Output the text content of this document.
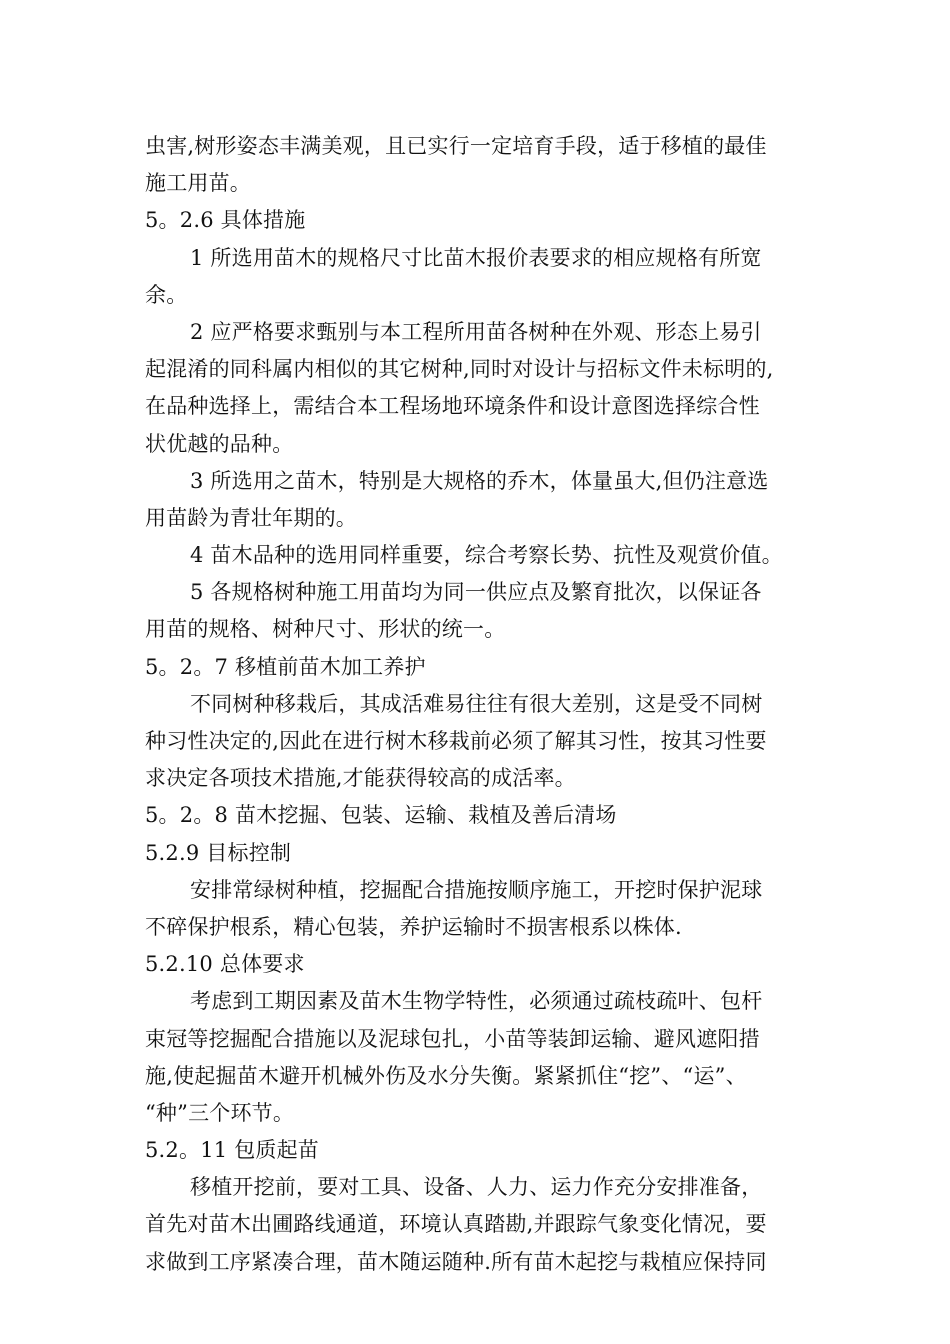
虫害,树形姿态丰满美观，且已实行一定培育手段，适于移植的最佳
施工用苗。
5。2.6 具体措施
1 所选用苗木的规格尺寸比苗木报价表要求的相应规格有所宽
余。
2 应严格要求甄别与本工程所用苗各树种在外观、形态上易引
起混淆的同科属内相似的其它树种,同时对设计与招标文件未标明的,
在品种选择上，需结合本工程场地环境条件和设计意图选择综合性
状优越的品种。
3 所选用之苗木，特别是大规格的乔木，体量虽大,但仍注意选
用苗龄为青壮年期的。
4 苗木品种的选用同样重要，综合考察长势、抗性及观赏价值。
5 各规格树种施工用苗均为同一供应点及繁育批次，以保证各
用苗的规格、树种尺寸、形状的统一。
5。2。7 移植前苗木加工养护
不同树种移栽后，其成活难易往往有很大差别，这是受不同树
种习性决定的,因此在进行树木移栽前必须了解其习性，按其习性要
求决定各项技术措施,才能获得较高的成活率。
5。2。8 苗木挖掘、包装、运输、栽植及善后清场
5.2.9 目标控制
安排常绿树种植，挖掘配合措施按顺序施工，开挖时保护泥球
不碎保护根系，精心包装，养护运输时不损害根系以株体.
5.2.10 总体要求
考虑到工期因素及苗木生物学特性，必须通过疏枝疏叶、包杆
束冠等挖掘配合措施以及泥球包扎，小苗等装卸运输、避风遮阳措
施,使起掘苗木避开机械外伤及水分失衡。紧紧抓住“挖”、“运”、
“种”三个环节。
5.2。11 包质起苗
移植开挖前，要对工具、设备、人力、运力作充分安排准备，
首先对苗木出圃路线通道，环境认真踏勘,并跟踪气象变化情况，要
求做到工序紧凑合理，苗木随运随种.所有苗木起挖与栽植应保持同
